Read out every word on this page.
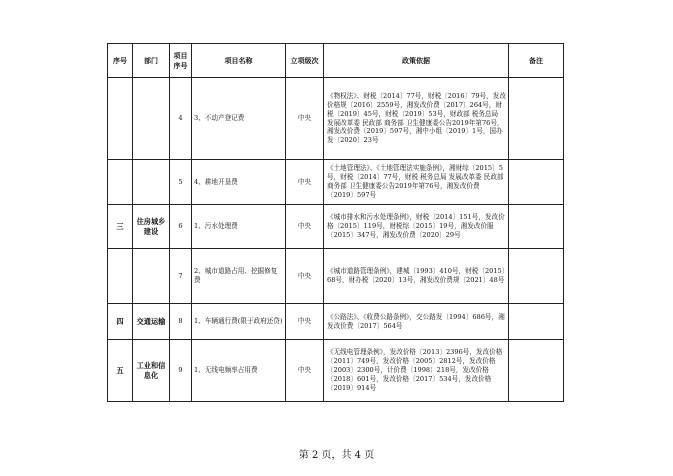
序号	部门	项目序号	项目名称	立项级次	政策依据	备注
		4	3、不动产登记费	中央	《物权法》、财税〔2014〕77号，财税〔2016〕79号，发改价格规〔2016〕2559号，湘发改价费〔2017〕264号，财税〔2019〕45号，财税〔2019〕53号，财政部 税务总局 发展改革委 民政部 商务部 卫生健康委公告2019年第76号，湘发改价费〔2019〕597号，湘中小组〔2019〕1号，国办发〔2020〕23号	
		5	4、耕地开垦费	中央	《土地管理法》、《土地管理法实施条例》，湘财综〔2015〕5号，财税〔2014〕77号，财税 税务总局 发展改革委 民政部 商务部 卫生健康委公告2019年第76号，湘发改价费〔2019〕597号	
三	住房城乡建设	6	1、污水处理费	中央	《城市排水和污水处理条例》，财税〔2014〕151号，发改价格〔2015〕119号，财税综〔2015〕19号，湘发改价服〔2015〕347号，湘发改价费〔2020〕29号	
		7	2、城市道路占用、挖掘修复费	中央	《城市道路管理条例》，建城〔1993〕410号，财税〔2015〕68号，财办税〔2020〕13号，湘发改价费规〔2021〕48号	
四	交通运输	8	1、车辆通行费(限于政府还贷)	中央	《公路法》、《收费公路条例》，交公路发〔1994〕686号，湘发改价费〔2017〕564号	
五	工业和信息化	9	1、无线电频率占用费	中央	《无线电管理条例》，发改价格〔2013〕2396号，发改价格〔2011〕749号，发改价格〔2005〕2812号，发改价格〔2003〕2300号，计价费〔1998〕218号，发改价格〔2018〕601号，发改价格〔2017〕534号，发改价格〔2019〕914号	
第 2 页，共 4 页
